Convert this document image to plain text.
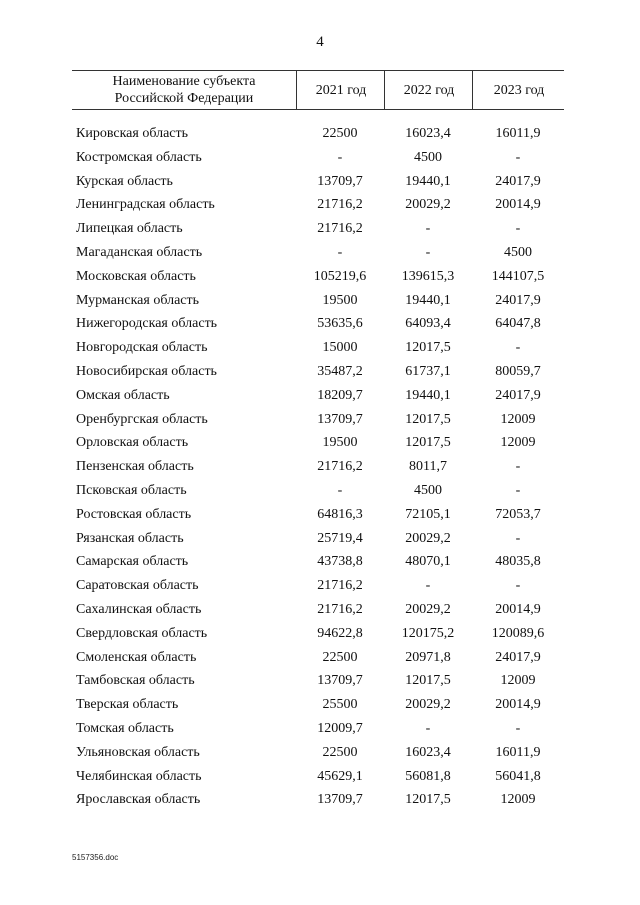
4
Наименование субъекта
Российской Федерации
2021 год	2022 год	2023 год
Кировская область	22500	16023,4	16011,9
Костромская область	-	4500	-
Курская область	13709,7	19440,1	24017,9
Ленинградская область	21716,2	20029,2	20014,9
Липецкая область	21716,2	-	-
Магаданская область	-	-	4500
Московская область	105219,6	139615,3	144107,5
Мурманская область	19500	19440,1	24017,9
Нижегородская область	53635,6	64093,4	64047,8
Новгородская область	15000	12017,5	-
Новосибирская область	35487,2	61737,1	80059,7
Омская область	18209,7	19440,1	24017,9
Оренбургская область	13709,7	12017,5	12009
Орловская область	19500	12017,5	12009
Пензенская область	21716,2	8011,7	-
Псковская область	-	4500	-
Ростовская область	64816,3	72105,1	72053,7
Рязанская область	25719,4	20029,2	-
Самарская область	43738,8	48070,1	48035,8
Саратовская область	21716,2	-	-
Сахалинская область	21716,2	20029,2	20014,9
Свердловская область	94622,8	120175,2	120089,6
Смоленская область	22500	20971,8	24017,9
Тамбовская область	13709,7	12017,5	12009
Тверская область	25500	20029,2	20014,9
Томская область	12009,7	-	-
Ульяновская область	22500	16023,4	16011,9
Челябинская область	45629,1	56081,8	56041,8
Ярославская область	13709,7	12017,5	12009
5157356.doc
